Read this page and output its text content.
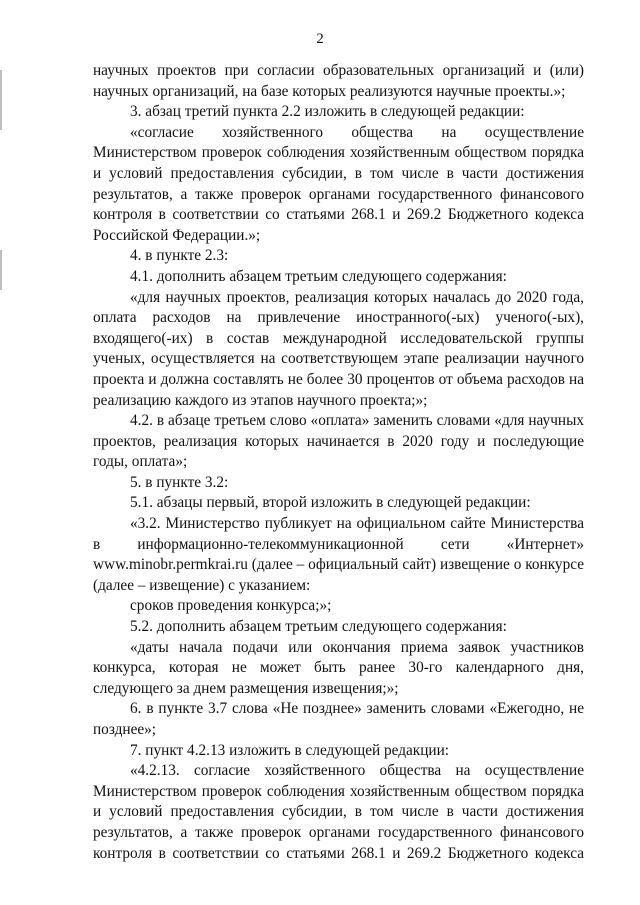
2

научных проектов при согласии образовательных организаций и (или) научных организаций, на базе которых реализуются научные проекты.»;

3. абзац третий пункта 2.2 изложить в следующей редакции:

«согласие хозяйственного общества на осуществление Министерством проверок соблюдения хозяйственным обществом порядка и условий предоставления субсидии, в том числе в части достижения результатов, а также проверок органами государственного финансового контроля в соответствии со статьями 268.1 и 269.2 Бюджетного кодекса Российской Федерации.»;

4. в пункте 2.3:

4.1. дополнить абзацем третьим следующего содержания:

«для научных проектов, реализация которых началась до 2020 года, оплата расходов на привлечение иностранного(-ых) ученого(-ых), входящего(-их) в состав международной исследовательской группы ученых, осуществляется на соответствующем этапе реализации научного проекта и должна составлять не более 30 процентов от объема расходов на реализацию каждого из этапов научного проекта;»;

4.2. в абзаце третьем слово «оплата» заменить словами «для научных проектов, реализация которых начинается в 2020 году и последующие годы, оплата»;

5. в пункте 3.2:

5.1. абзацы первый, второй изложить в следующей редакции:

«3.2. Министерство публикует на официальном сайте Министерства в информационно-телекоммуникационной сети «Интернет» www.minobr.permkrai.ru (далее – официальный сайт) извещение о конкурсе (далее – извещение) с указанием:

сроков проведения конкурса;»;

5.2. дополнить абзацем третьим следующего содержания:

«даты начала подачи или окончания приема заявок участников конкурса, которая не может быть ранее 30-го календарного дня, следующего за днем размещения извещения;»;

6. в пункте 3.7 слова «Не позднее» заменить словами «Ежегодно, не позднее»;

7. пункт 4.2.13 изложить в следующей редакции:

«4.2.13. согласие хозяйственного общества на осуществление Министерством проверок соблюдения хозяйственным обществом порядка и условий предоставления субсидии, в том числе в части достижения результатов, а также проверок органами государственного финансового контроля в соответствии со статьями 268.1 и 269.2 Бюджетного кодекса
